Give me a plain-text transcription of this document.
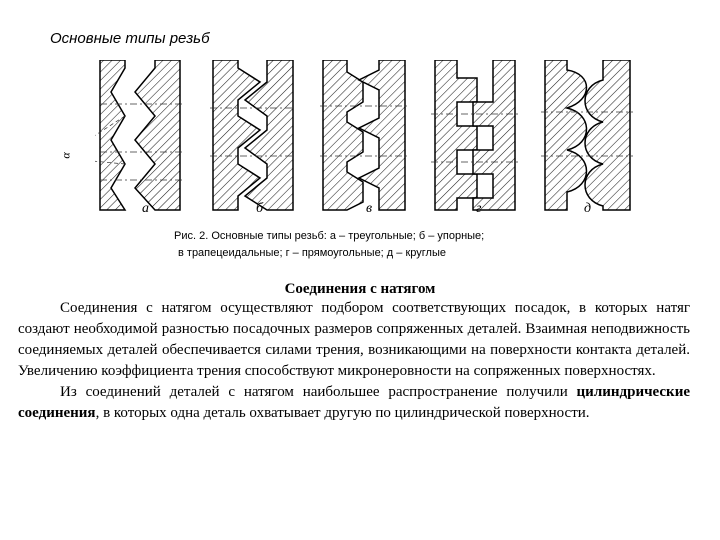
Основные типы резьб
α
а	б	в	г	д
Рис. 2. Основные типы резьб: а – треугольные; б – упорные;
в трапецеидальные; г – прямоугольные; д – круглые
Соединения с натягом

Соединения с натягом осуществляют подбором соответствующих посадок, в которых натяг создают необходимой разностью посадочных размеров сопряженных деталей. Взаимная неподвижность соединяемых деталей обеспечивается силами трения, возникающими на поверхности контакта деталей. Увеличению коэффициента трения способствуют микронеровности на сопряженных поверхностях.

Из соединений деталей с натягом наибольшее распространение получили цилиндрические соединения, в которых одна деталь охватывает другую по цилиндрической поверхности.
